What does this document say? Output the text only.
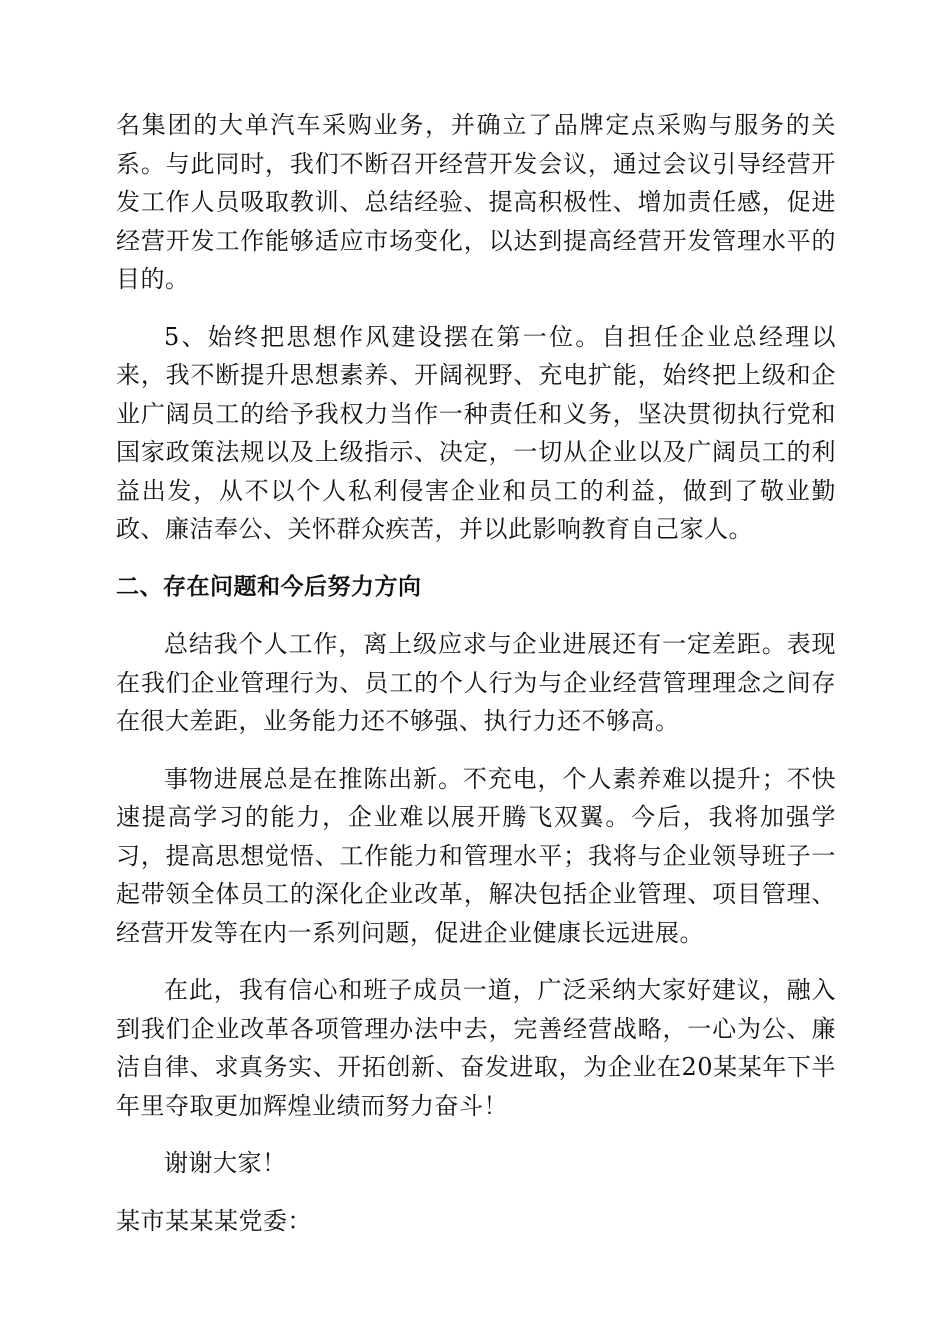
名集团的大单汽车采购业务，并确立了品牌定点采购与服务的关系。与此同时，我们不断召开经营开发会议，通过会议引导经营开发工作人员吸取教训、总结经验、提高积极性、增加责任感，促进经营开发工作能够适应市场变化，以达到提高经营开发管理水平的目的。

5、始终把思想作风建设摆在第一位。自担任企业总经理以来，我不断提升思想素养、开阔视野、充电扩能，始终把上级和企业广阔员工的给予我权力当作一种责任和义务，坚决贯彻执行党和国家政策法规以及上级指示、决定，一切从企业以及广阔员工的利益出发，从不以个人私利侵害企业和员工的利益，做到了敬业勤政、廉洁奉公、关怀群众疾苦，并以此影响教育自己家人。

二、存在问题和今后努力方向

总结我个人工作，离上级应求与企业进展还有一定差距。表现在我们企业管理行为、员工的个人行为与企业经营管理理念之间存在很大差距，业务能力还不够强、执行力还不够高。

事物进展总是在推陈出新。不充电，个人素养难以提升；不快速提高学习的能力，企业难以展开腾飞双翼。今后，我将加强学习，提高思想觉悟、工作能力和管理水平；我将与企业领导班子一起带领全体员工的深化企业改革，解决包括企业管理、项目管理、经营开发等在内一系列问题，促进企业健康长远进展。

在此，我有信心和班子成员一道，广泛采纳大家好建议，融入到我们企业改革各项管理办法中去，完善经营战略，一心为公、廉洁自律、求真务实、开拓创新、奋发进取，为企业在20某某年下半年里夺取更加辉煌业绩而努力奋斗！

谢谢大家！

某市某某某党委：
